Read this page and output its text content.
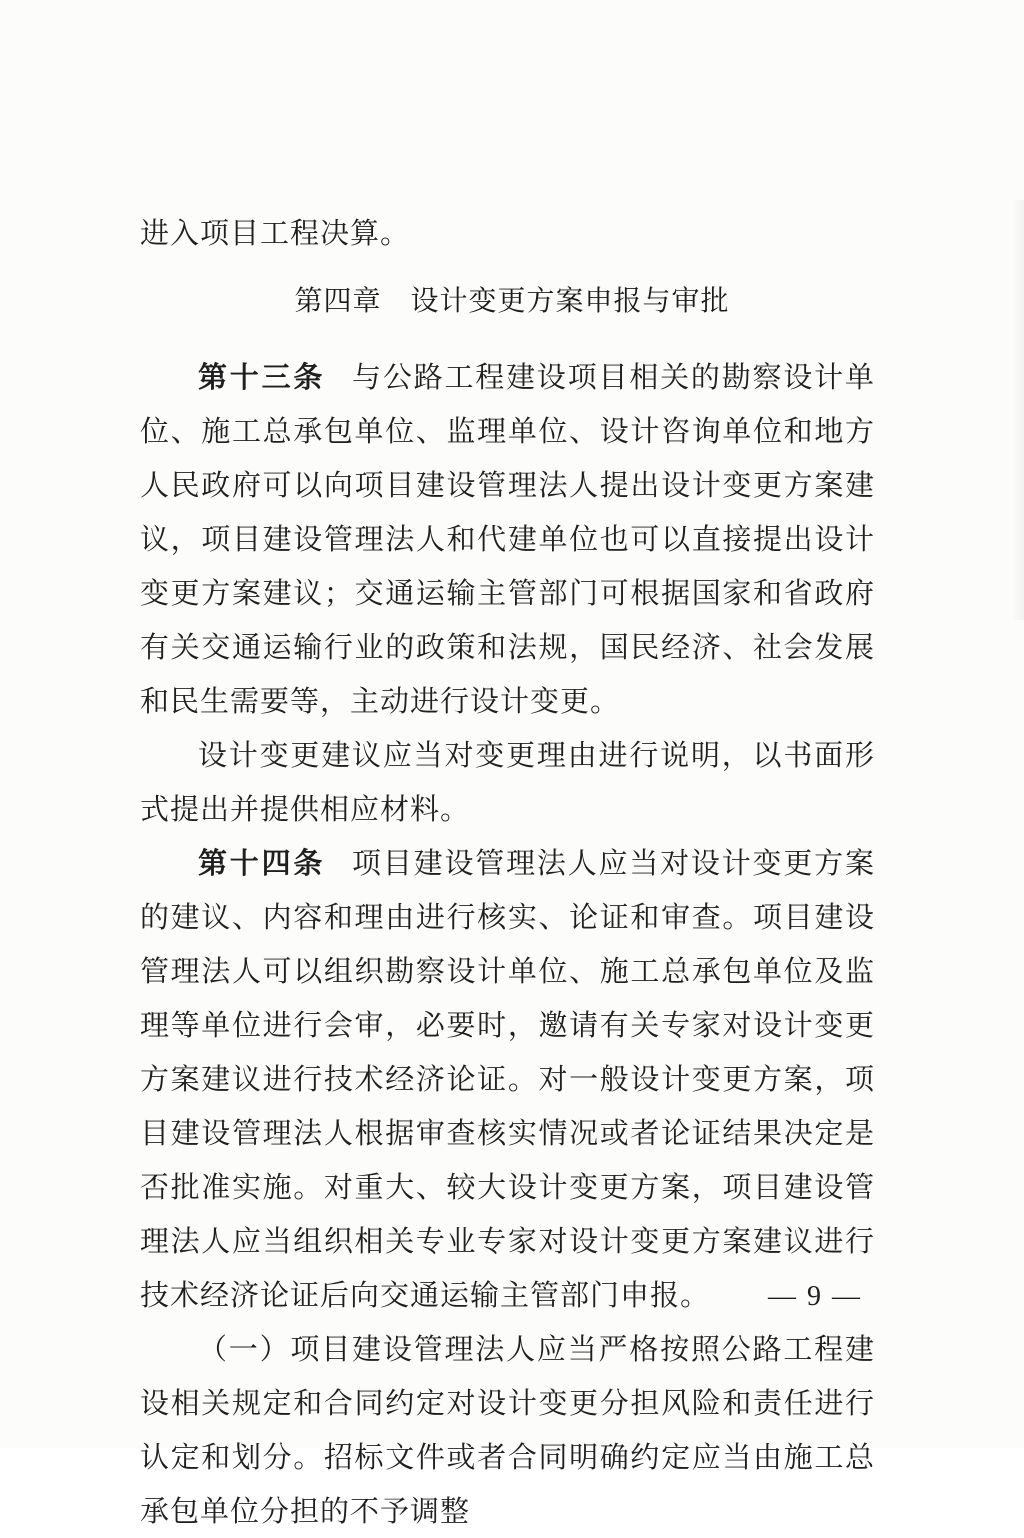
进入项目工程决算。

第四章　设计变更方案申报与审批

第十三条 与公路工程建设项目相关的勘察设计单位、施工总承包单位、监理单位、设计咨询单位和地方人民政府可以向项目建设管理法人提出设计变更方案建议，项目建设管理法人和代建单位也可以直接提出设计变更方案建议；交通运输主管部门可根据国家和省政府有关交通运输行业的政策和法规，国民经济、社会发展和民生需要等，主动进行设计变更。

设计变更建议应当对变更理由进行说明，以书面形式提出并提供相应材料。

第十四条 项目建设管理法人应当对设计变更方案的建议、内容和理由进行核实、论证和审查。项目建设管理法人可以组织勘察设计单位、施工总承包单位及监理等单位进行会审，必要时，邀请有关专家对设计变更方案建议进行技术经济论证。对一般设计变更方案，项目建设管理法人根据审查核实情况或者论证结果决定是否批准实施。对重大、较大设计变更方案，项目建设管理法人应当组织相关专业专家对设计变更方案建议进行技术经济论证后向交通运输主管部门申报。

（一）项目建设管理法人应当严格按照公路工程建设相关规定和合同约定对设计变更分担风险和责任进行认定和划分。招标文件或者合同明确约定应当由施工总承包单位分担的不予调整

— 9 —
